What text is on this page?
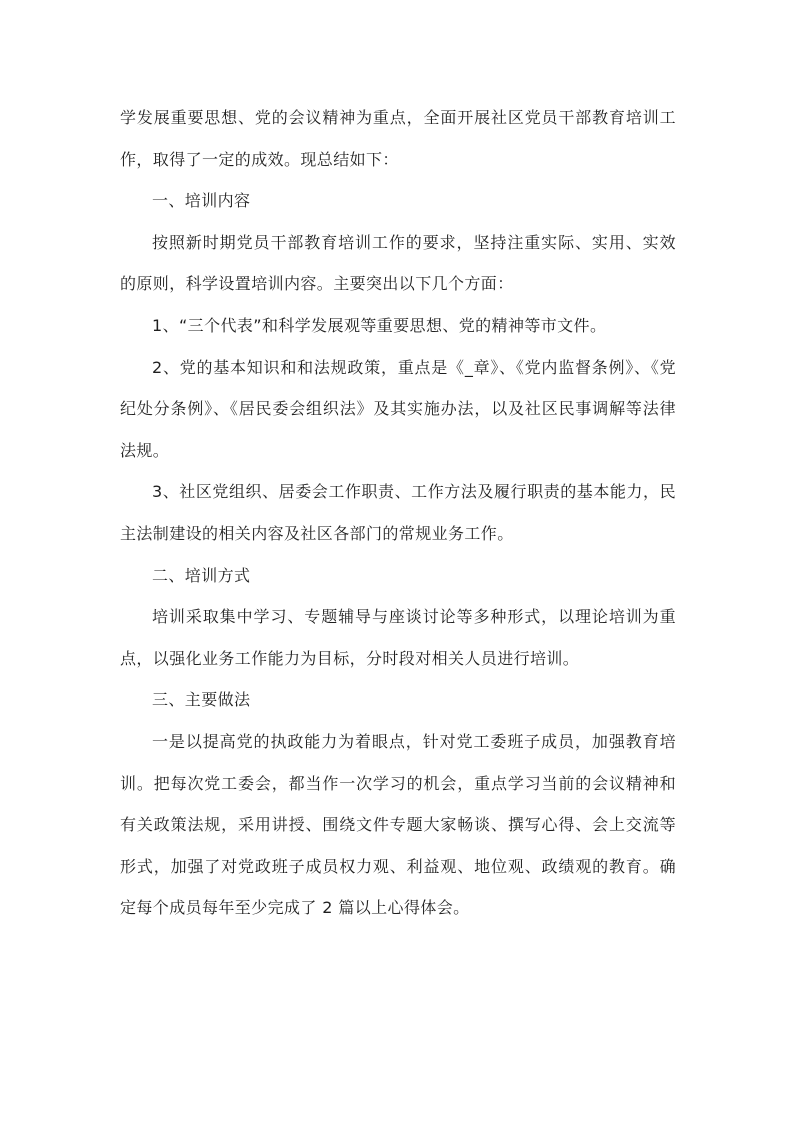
学发展重要思想、党的会议精神为重点，全面开展社区党员干部教育培训工作，取得了一定的成效。现总结如下：

一、培训内容

按照新时期党员干部教育培训工作的要求，坚持注重实际、实用、实效的原则，科学设置培训内容。主要突出以下几个方面：

1、“三个代表”和科学发展观等重要思想、党的精神等市文件。

2、党的基本知识和和法规政策，重点是《_章》、《党内监督条例》、《党纪处分条例》、《居民委会组织法》及其实施办法，以及社区民事调解等法律法规。

3、社区党组织、居委会工作职责、工作方法及履行职责的基本能力，民主法制建设的相关内容及社区各部门的常规业务工作。

二、培训方式

培训采取集中学习、专题辅导与座谈讨论等多种形式，以理论培训为重点，以强化业务工作能力为目标，分时段对相关人员进行培训。

三、主要做法

一是以提高党的执政能力为着眼点，针对党工委班子成员，加强教育培训。把每次党工委会，都当作一次学习的机会，重点学习当前的会议精神和有关政策法规，采用讲授、围绕文件专题大家畅谈、撰写心得、会上交流等形式，加强了对党政班子成员权力观、利益观、地位观、政绩观的教育。确定每个成员每年至少完成了 2 篇以上心得体会。
